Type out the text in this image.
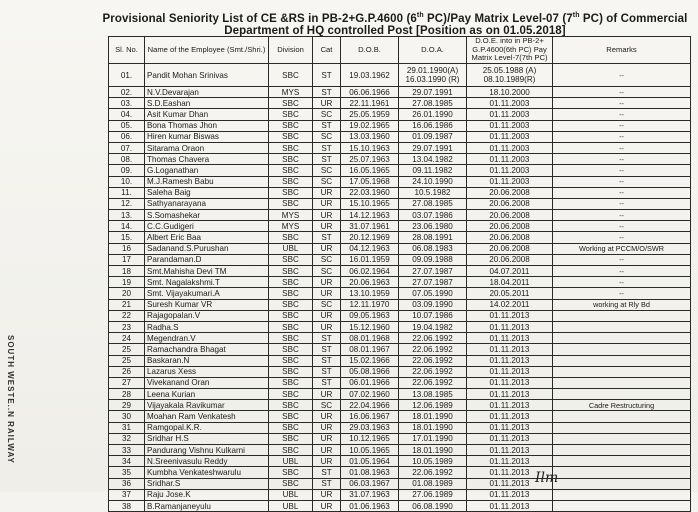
Provisional Seniority List of CE &RS in PB-2+G.P.4600 (6th PC)/Pay Matrix Level-07 (7th PC) of Commercial
Department of HQ controlled Post [Position as on 01.05.2018]
SOUTH WESTE..N RAILWAY
Sl. No.	Name of the Employee (Smt./Shri.)	Division	Cat	D.O.B.	D.O.A.	D.O.E. into in PB-2+ G.P.4600(6th PC) Pay Matrix Level-7(7th PC)	Remarks
01.	Pandit Mohan Srinivas	SBC	ST	19.03.1962	29.01.1990(A) 16.03.1990 (R)	25.05.1988 (A) 08.10.1989(R)	--
02.	N.V.Devarajan	MYS	ST	06.06.1966	29.07.1991	18.10.2000	--
03.	S.D.Eashan	SBC	UR	22.11.1961	27.08.1985	01.11.2003	--
04.	Asit Kumar Dhan	SBC	SC	25.05.1959	26.01.1990	01.11.2003	--
05.	Bona Thomas Jhon	SBC	ST	19.02.1965	16.06.1986	01.11.2003	--
06.	Hiren kumar Biswas	SBC	SC	13.03.1960	01.09.1987	01.11.2003	--
07.	Sitarama Oraon	SBC	ST	15.10.1963	29.07.1991	01.11.2003	--
08.	Thomas Chavera	SBC	ST	25.07.1963	13.04.1982	01.11.2003	--
09.	G.Loganathan	SBC	SC	16.05.1965	09.11.1982	01.11.2003	--
10.	M.J.Ramesh Babu	SBC	SC	17.05.1968	24.10.1990	01.11.2003	--
11.	Saleha Baig	SBC	UR	22.03.1960	10.5.1982	20.06.2008	--
12.	Sathyanarayana	SBC	UR	15.10.1965	27.08.1985	20.06.2008	--
13.	S.Somashekar	MYS	UR	14.12.1963	03.07.1986	20.06.2008	--
14.	C.C.Gudigeri	MYS	UR	31.07.1961	23.06.1980	20.06.2008	--
15.	Albert Eric Baa	SBC	ST	20.12.1969	28.08.1991	20.06.2008	--
16	Sadanand.S.Purushan	UBL	UR	04.12.1963	06.08.1983	20.06.2008	Working at PCCM/O/SWR
17	Parandaman.D	SBC	SC	16.01.1959	09.09.1988	20.06.2008	--
18	Smt.Mahisha Devi TM	SBC	SC	06.02.1964	27.07.1987	04.07.2011	--
19	Smt. Nagalakshmi.T	SBC	UR	20.06.1963	27.07.1987	18.04.2011	--
20	Smt. Vijayakumari.A	SBC	UR	13.10.1959	07.05.1990	20.05.2011	--
21	Suresh Kumar VR	SBC	SC	12.11.1970	03.09.1990	14.02.2011	working at Rly Bd
22	Rajagopalan.V	SBC	UR	09.05.1963	10.07.1986	01.11.2013	
23	Radha.S	SBC	UR	15.12.1960	19.04.1982	01.11.2013	
24	Megendran.V	SBC	ST	08.01.1968	22.06.1992	01.11.2013	
25	Ramachandra Bhagat	SBC	ST	08.01.1967	22.06.1992	01.11.2013	
25	Baskaran.N	SBC	ST	15.02.1966	22.06.1992	01.11.2013	
26	Lazarus Xess	SBC	ST	05.08.1966	22.06.1992	01.11.2013	
27	Vivekanand Oran	SBC	ST	06.01.1966	22.06.1992	01.11.2013	
28	Leena Kurian	SBC	UR	07.02.1960	13.08.1985	01.11.2013	
29	Vijayakala Ravikumar	SBC	SC	22.04.1966	12.06.1989	01.11.2013	Cadre Restructuring
30	Moahan Ram Venkatesh	SBC	UR	16.06.1967	18.01.1990	01.11.2013	
31	Ramgopal.K.R.	SBC	UR	29.03.1963	18.01.1990	01.11.2013	
32	Sridhar H.S	SBC	UR	10.12.1965	17.01.1990	01.11.2013	
33	Pandurang Vishnu Kulkarni	SBC	UR	10.05.1965	18.01.1990	01.11.2013	
34	N.Sreenivasulu Reddy	UBL	UR	01.05.1964	10.05.1989	01.11.2013	
35	Kumbha Venkateshwarulu	SBC	ST	01.08.1963	22.06.1992	01.11.2013	
36	Sridhar.S	SBC	ST	06.03.1967	01.08.1989	01.11.2013	
37	Raju Jose.K	UBL	UR	31.07.1963	27.06.1989	01.11.2013	
38	B.Ramanjaneyulu	UBL	UR	01.06.1963	06.08.1990	01.11.2013	
Ilm
